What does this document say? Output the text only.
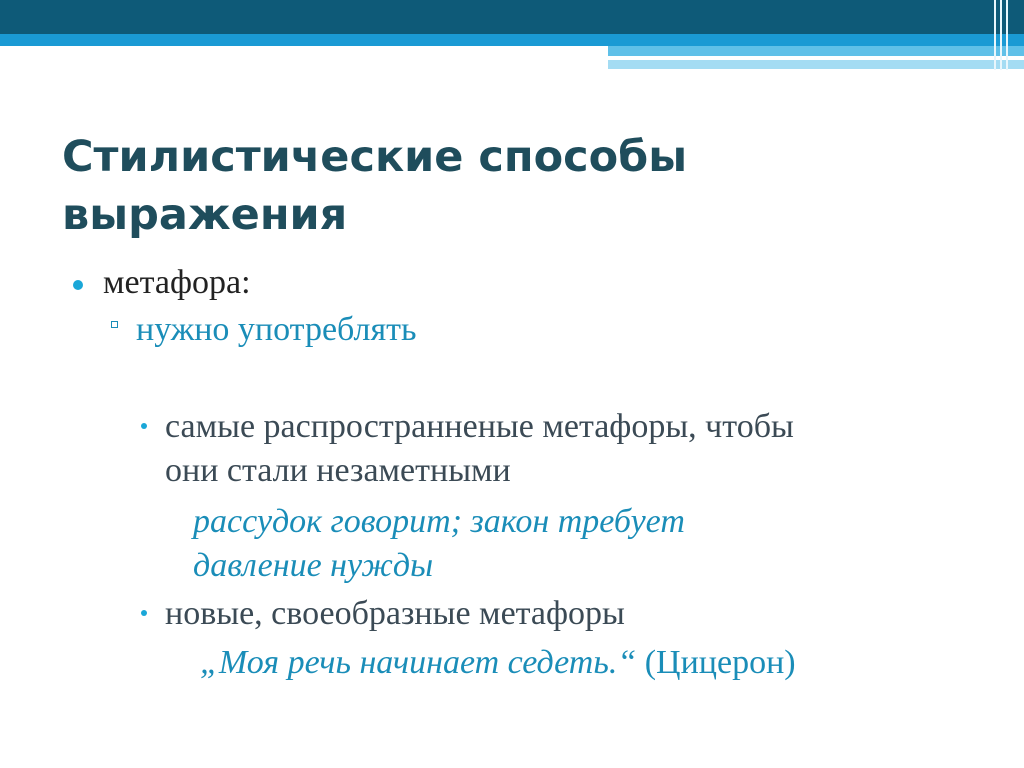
Стилистические способы выражения
метафора:
нужно употреблять
самые распространненые метафоры, чтобы
они стали незаметными
рассудок говорит; закон требует
давление нужды
новые, своеобразные метафоры
„Моя речь начинает седеть.“ (Цицерон)
